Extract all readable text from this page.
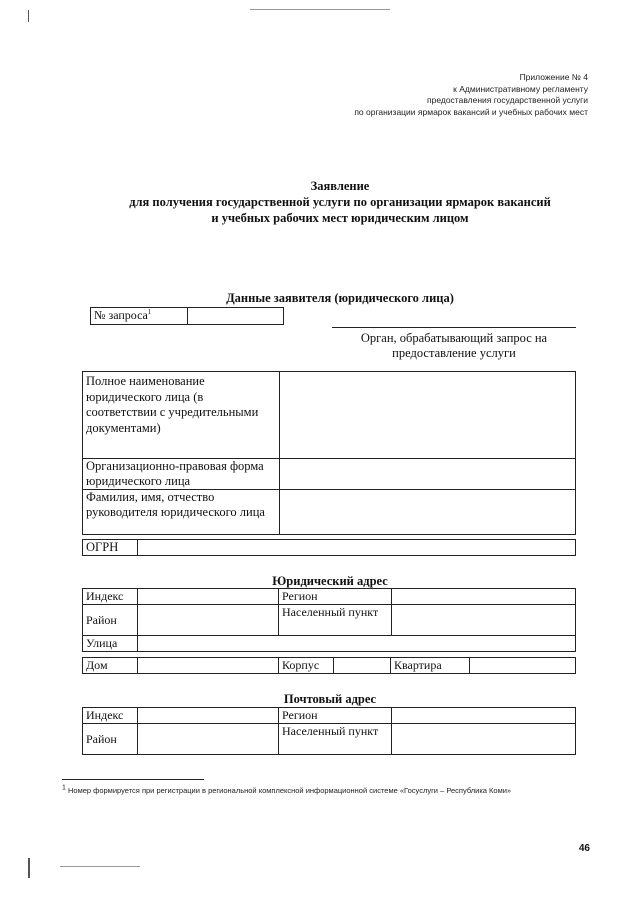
Приложение № 4
к Административному регламенту
предоставления государственной услуги
по организации ярмарок вакансий и учебных рабочих мест
Заявление
для получения государственной услуги по организации ярмарок вакансий
и учебных рабочих мест юридическим лицом
Данные заявителя (юридического лица)
№ запроса$^1$	
Орган, обрабатывающий запрос на предоставление услуги
Полное наименование юридического лица (в соответствии с учредительными документами)	
Организационно-правовая форма юридического лица	
Фамилия, имя, отчество руководителя юридического лица	
ОГРН	
Юридический адрес
Индекс		Регион	
Район		Населенный пункт	
Улица			
Дом		Корпус		Квартира	
Почтовый адрес
Индекс		Регион	
Район		Населенный пункт	
$^1$ Номер формируется при регистрации в региональной комплексной информационной системе «Госуслуги – Республика Коми»
46
